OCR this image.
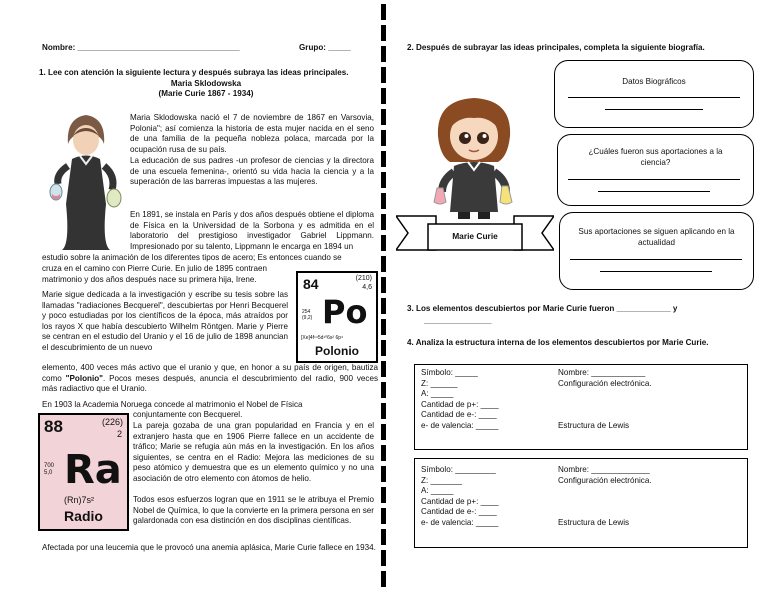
Nombre: ____________________________________	Grupo: _____
1. Lee con atención la siguiente lectura y después subraya las ideas principales.
Maria Sklodowska
(Marie Curie 1867 - 1934)
Maria Sklodowska nació el 7 de noviembre de 1867 en Varsovia, Polonia"; así comienza la historia de esta mujer nacida en el seno de una familia de la pequeña nobleza polaca, marcada por la ocupación rusa de su país.
La educación de sus padres -un profesor de ciencias y la directora de una escuela femenina-, orientó su vida hacia la ciencia y a la superación de las barreras impuestas a las mujeres.
En 1891, se instala en París y dos años después obtiene el diploma de Física en la Universidad de la Sorbona y es admitida en el laboratorio del prestigioso investigador Gabriel Lippmann. Impresionado por su talento, Lippmann le encarga en 1894 un
estudio sobre la animación de los diferentes tipos de acero; Es entonces cuando se
cruza en el camino con Pierre Curie. En julio de 1895 contraen matrimonio y dos años después nace su primera hija, Irene.
Marie sigue dedicada a la investigación y escribe su tesis sobre las llamadas "radiaciones Becquerel", descubiertas por Henri Becquerel y poco estudiadas por los científicos de la época, más atraídos por los rayos X que había descubierto Wilhelm Röntgen. Marie y Pierre se centran en el estudio del Uranio y el 16 de julio de 1898 anuncian el descubrimiento de un nuevo
84	(210)
4,6
254
(9,2) Po
[Xe]4f¹⁴5d¹⁰6s² 6p⁴
Polonio
elemento, 400 veces más activo que el uranio y que, en honor a su país de origen, bautiza como "Polonio". Pocos meses después, anuncia el descubrimiento del radio, 900 veces más radiactivo que el Uranio.
En 1903 la Academia Noruega concede al matrimonio el Nobel de Física
conjuntamente con Becquerel.
88	(226)
2
700
5,0 Ra
(Rn)7s²
Radio
La pareja gozaba de una gran popularidad en Francia y en el extranjero hasta que en 1906 Pierre fallece en un accidente de tráfico; Marie se refugia aún más en la investigación. En los años siguientes, se centra en el Radio: Mejora las mediciones de su peso atómico y demuestra que es un elemento químico y no una asociación de otro elemento con átomos de helio.
Todos esos esfuerzos logran que en 1911 se le atribuya el Premio Nobel de Química, lo que la convierte en la primera persona en ser galardonada con esa distinción en dos disciplinas científicas.
Afectada por una leucemia que le provocó una anemia aplásica, Marie Curie fallece en 1934.
2. Después de subrayar las ideas principales, completa la siguiente biografía.
Marie Curie
Datos Biográficos
¿Cuáles fueron sus aportaciones a la ciencia?
Sus aportaciones se siguen aplicando en la actualidad
3. Los elementos descubiertos por Marie Curie fueron ____________ y
_______________
4. Analiza la estructura interna de los elementos descubiertos por Marie Curie.
Símbolo: _____
Z: ______
A: _____
Cantidad de p+: ____
Cantidad de e-: ____
e- de valencia: _____
Nombre: ____________
Configuración electrónica.
Estructura de Lewis
Símbolo: _________
Z: _______
A: _____
Cantidad de p+: ____
Cantidad de e-: ____
e- de valencia: _____
Nombre: _____________
Configuración electrónica.
Estructura de Lewis
